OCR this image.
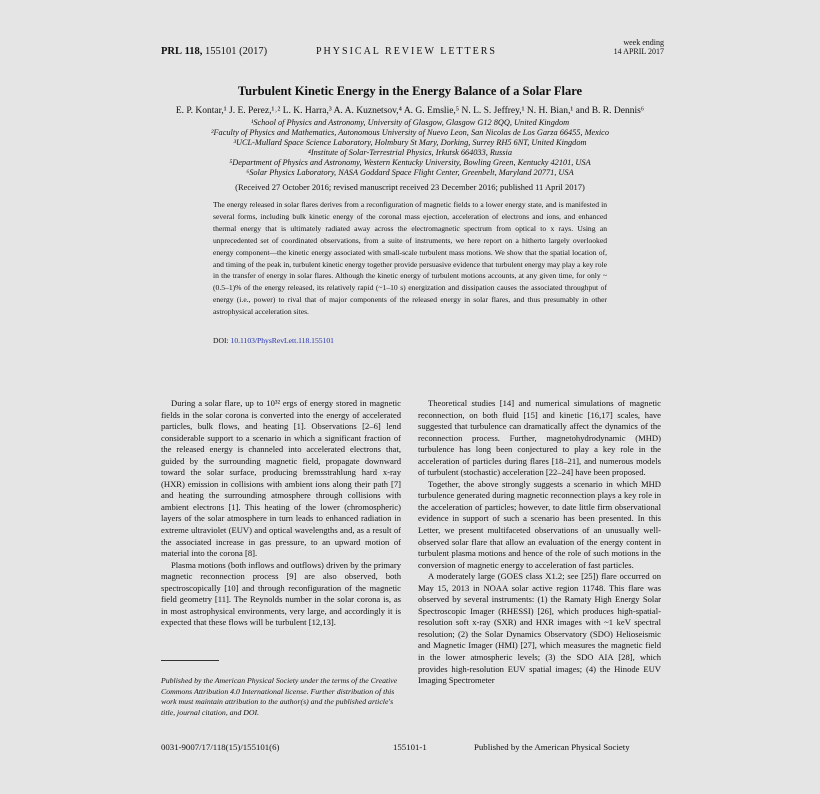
PRL 118, 155101 (2017)	PHYSICAL REVIEW LETTERS
week ending
14 APRIL 2017
Turbulent Kinetic Energy in the Energy Balance of a Solar Flare
E. P. Kontar,¹ J. E. Perez,¹˒² L. K. Harra,³ A. A. Kuznetsov,⁴ A. G. Emslie,⁵ N. L. S. Jeffrey,¹ N. H. Bian,¹ and B. R. Dennis⁶
¹School of Physics and Astronomy, University of Glasgow, Glasgow G12 8QQ, United Kingdom
²Faculty of Physics and Mathematics, Autonomous University of Nuevo Leon, San Nicolas de Los Garza 66455, Mexico
³UCL-Mullard Space Science Laboratory, Holmbury St Mary, Dorking, Surrey RH5 6NT, United Kingdom
⁴Institute of Solar-Terrestrial Physics, Irkutsk 664033, Russia
⁵Department of Physics and Astronomy, Western Kentucky University, Bowling Green, Kentucky 42101, USA
⁶Solar Physics Laboratory, NASA Goddard Space Flight Center, Greenbelt, Maryland 20771, USA
(Received 27 October 2016; revised manuscript received 23 December 2016; published 11 April 2017)
The energy released in solar flares derives from a reconfiguration of magnetic fields to a lower energy state, and is manifested in several forms, including bulk kinetic energy of the coronal mass ejection, acceleration of electrons and ions, and enhanced thermal energy that is ultimately radiated away across the electromagnetic spectrum from optical to x rays. Using an unprecedented set of coordinated observations, from a suite of instruments, we here report on a hitherto largely overlooked energy component—the kinetic energy associated with small-scale turbulent mass motions. We show that the spatial location of, and timing of the peak in, turbulent kinetic energy together provide persuasive evidence that turbulent energy may play a key role in the transfer of energy in solar flares. Although the kinetic energy of turbulent motions accounts, at any given time, for only ~(0.5–1)% of the energy released, its relatively rapid (~1–10 s) energization and dissipation causes the associated throughput of energy (i.e., power) to rival that of major components of the released energy in solar flares, and thus presumably in other astrophysical acceleration sites.
DOI: 10.1103/PhysRevLett.118.155101

During a solar flare, up to 10³² ergs of energy stored in magnetic fields in the solar corona is converted into the energy of accelerated particles, bulk flows, and heating [1]. Observations [2–6] lend considerable support to a scenario in which a significant fraction of the released energy is channeled into accelerated electrons that, guided by the surrounding magnetic field, propagate downward toward the solar surface, producing bremsstrahlung hard x-ray (HXR) emission in collisions with ambient ions along their path [7] and heating the surrounding atmosphere through collisions with ambient electrons [1]. This heating of the lower (chromospheric) layers of the solar atmosphere in turn leads to enhanced radiation in extreme ultraviolet (EUV) and optical wavelengths and, as a result of the associated increase in gas pressure, to an upward motion of material into the corona [8].

Plasma motions (both inflows and outflows) driven by the primary magnetic reconnection process [9] are also observed, both spectroscopically [10] and through reconfiguration of the magnetic field geometry [11]. The Reynolds number in the solar corona is, as in most astrophysical environments, very large, and accordingly it is expected that these flows will be turbulent [12,13].

Theoretical studies [14] and numerical simulations of magnetic reconnection, on both fluid [15] and kinetic [16,17] scales, have suggested that turbulence can dramatically affect the dynamics of the reconnection process. Further, magnetohydrodynamic (MHD) turbulence has long been conjectured to play a key role in the acceleration of particles during flares [18–21], and numerous models of turbulent (stochastic) acceleration [22–24] have been proposed.

Together, the above strongly suggests a scenario in which MHD turbulence generated during magnetic reconnection plays a key role in the acceleration of particles; however, to date little firm observational evidence in support of such a scenario has been presented. In this Letter, we present multifaceted observations of an unusually well-observed solar flare that allow an evaluation of the energy content in turbulent plasma motions and hence of the role of such motions in the conversion of magnetic energy to acceleration of fast particles.

A moderately large (GOES class X1.2; see [25]) flare occurred on May 15, 2013 in NOAA solar active region 11748. This flare was observed by several instruments: (1) the Ramaty High Energy Solar Spectroscopic Imager (RHESSI) [26], which produces high-spatial-resolution soft x-ray (SXR) and HXR images with ~1 keV spectral resolution; (2) the Solar Dynamics Observatory (SDO) Helioseismic and Magnetic Imager (HMI) [27], which measures the magnetic field in the lower atmospheric levels; (3) the SDO AIA [28], which provides high-resolution EUV spatial images; (4) the Hinode EUV Imaging Spectrometer

Published by the American Physical Society under the terms of the Creative Commons Attribution 4.0 International license. Further distribution of this work must maintain attribution to the author(s) and the published article's title, journal citation, and DOI.
0031-9007/17/118(15)/155101(6)	155101-1	Published by the American Physical Society
